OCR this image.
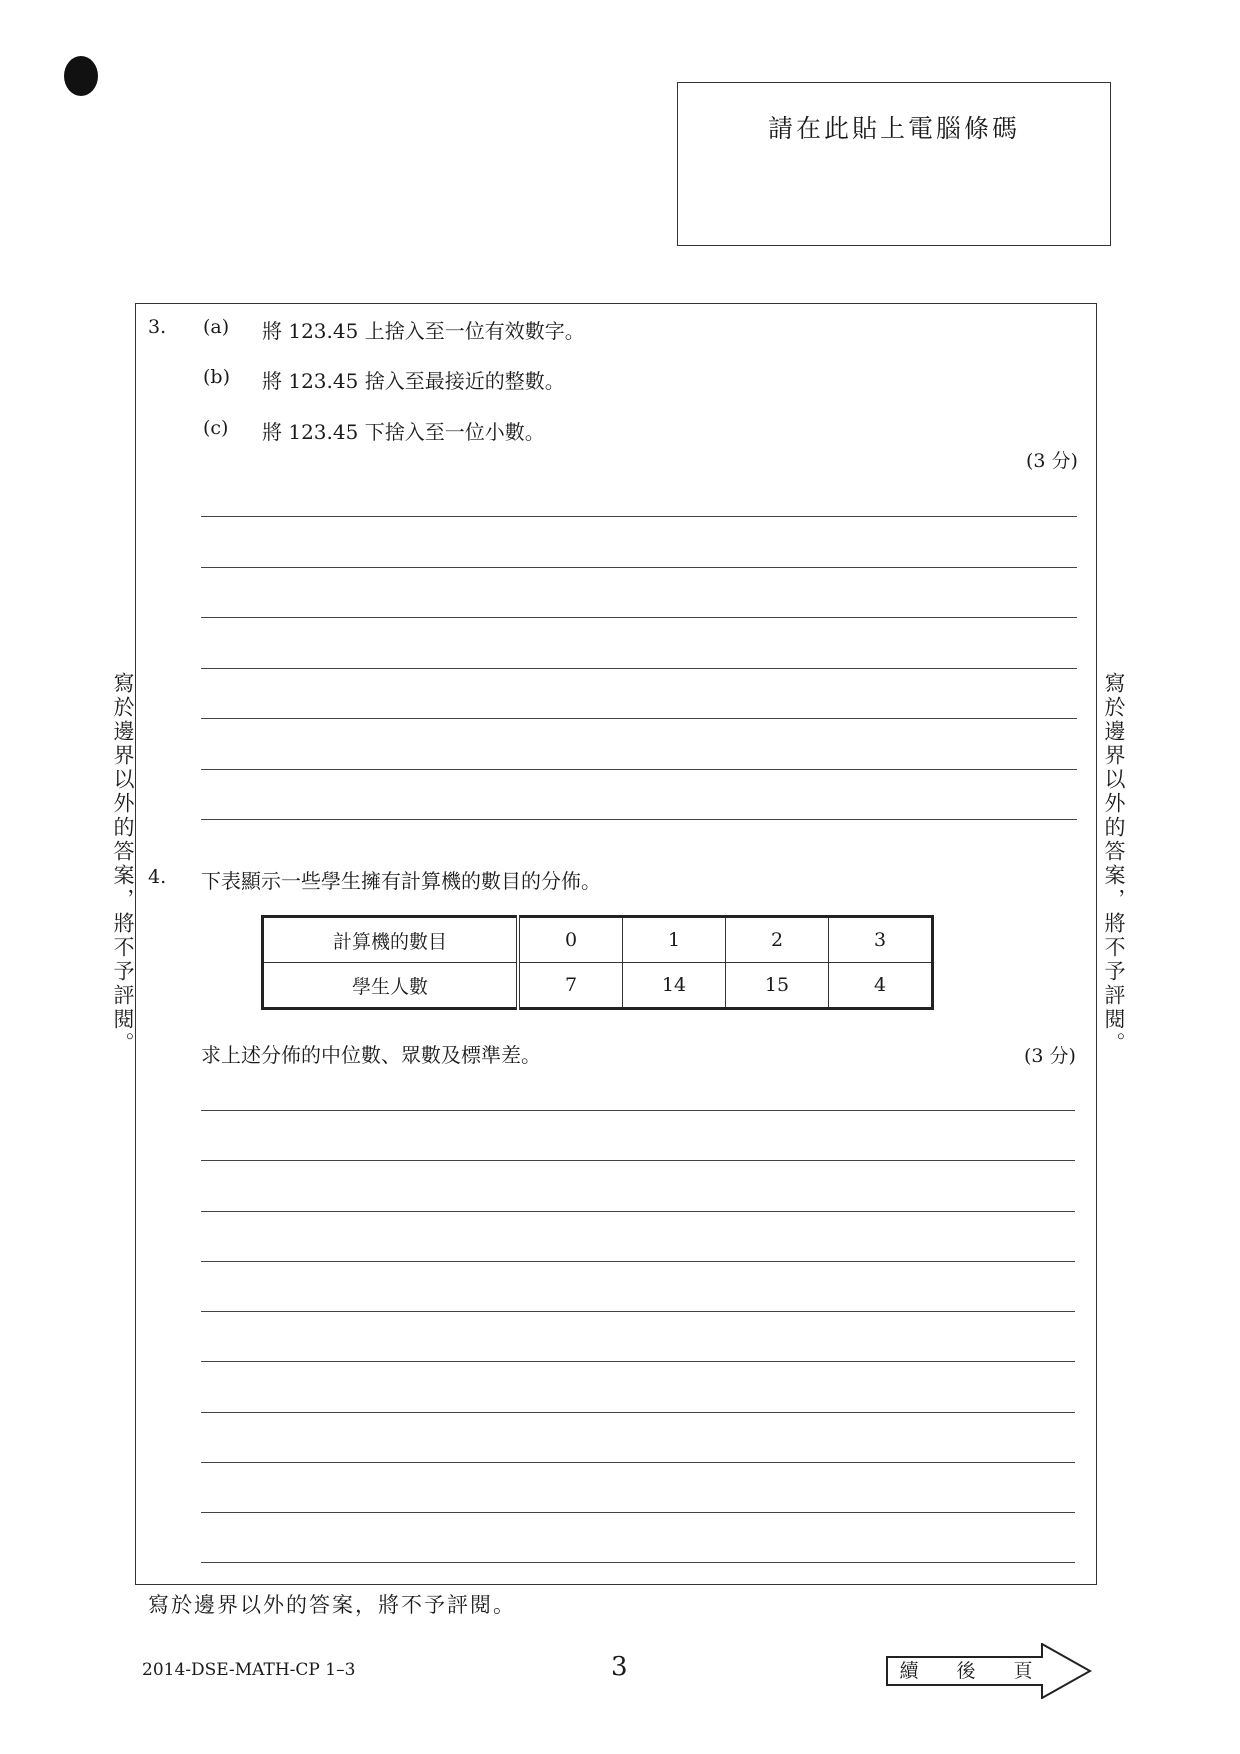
請在此貼上電腦條碼
寫於邊界以外的答案，將不予評閱。	寫於邊界以外的答案，將不予評閱。
3. (a) 將 123.45 上捨入至一位有效數字。
(b) 將 123.45 捨入至最接近的整數。
(c) 將 123.45 下捨入至一位小數。
(3 分)
4. 下表顯示一些學生擁有計算機的數目的分佈。
計算機的數目	0	1	2	3
學生人數	7	14	15	4
求上述分佈的中位數、眾數及標準差。	(3 分)
寫於邊界以外的答案，將不予評閱。
2014-DSE-MATH-CP 1–3	3	續　　後　　頁
